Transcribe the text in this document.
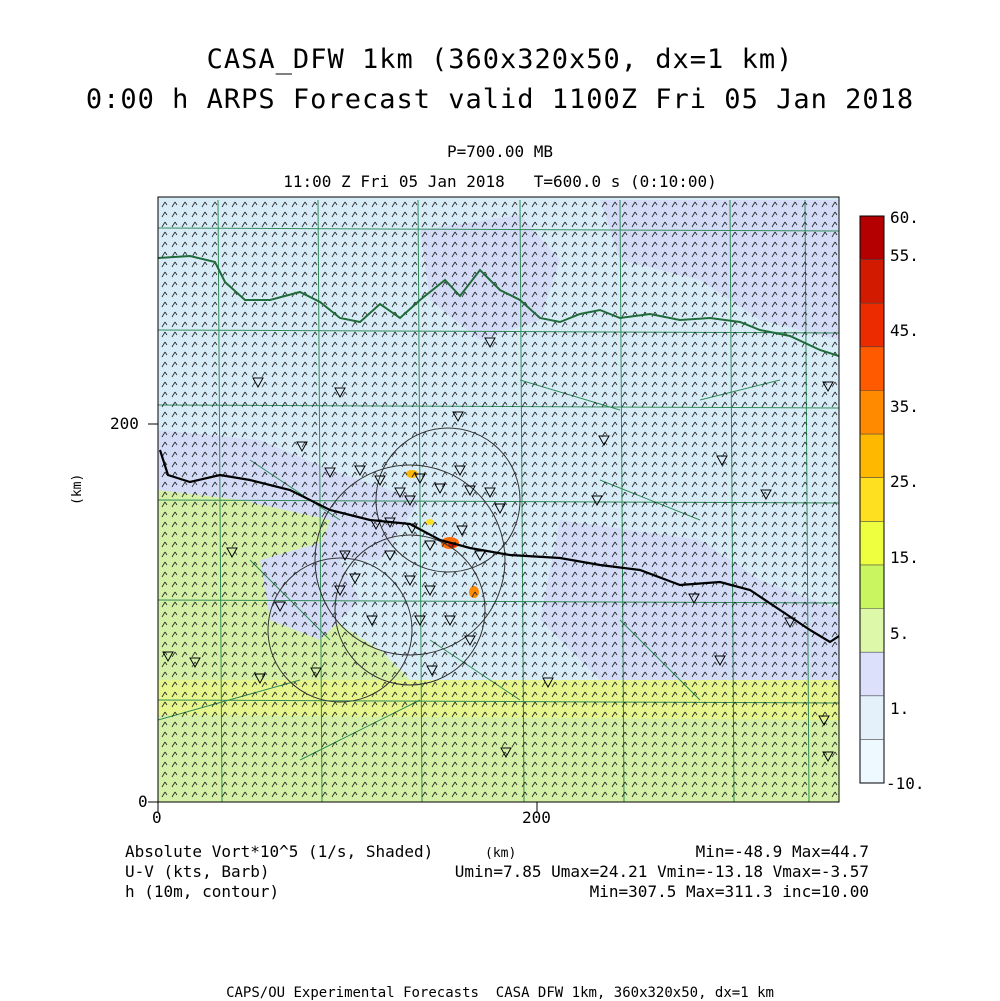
CASA_DFW 1km (360x320x50, dx=1 km)
0:00 h ARPS Forecast valid 1100Z Fri 05 Jan 2018
P=700.00 MB
11:00 Z Fri 05 Jan 2018   T=600.0 s (0:10:00)
200
0
0	200
(km)
(km)
60.
55.
45.
35.
25.
15.
5.
1.
-10.
Absolute Vort*10^5 (1/s, Shaded)	Min=-48.9 Max=44.7
U-V (kts, Barb)	Umin=7.85 Umax=24.21 Vmin=-13.18 Vmax=-3.57
h (10m, contour)	Min=307.5 Max=311.3 inc=10.00
CAPS/OU Experimental Forecasts  CASA DFW 1km, 360x320x50, dx=1 km
